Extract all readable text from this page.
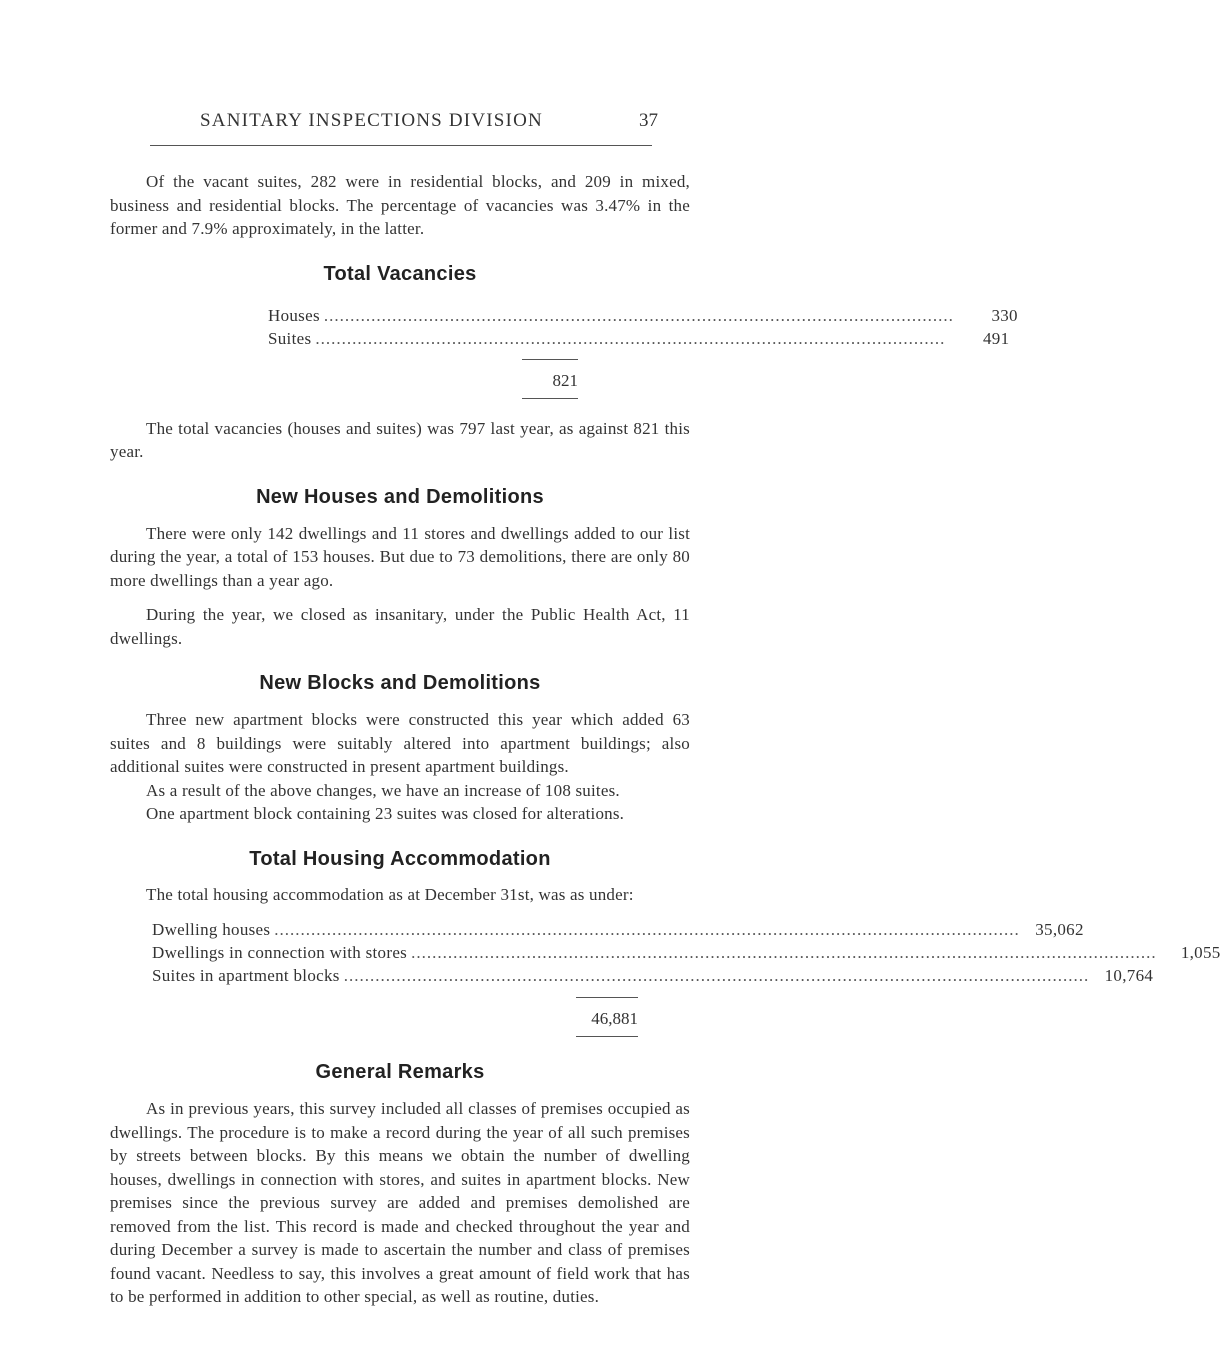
SANITARY INSPECTIONS DIVISION	37

Of the vacant suites, 282 were in residential blocks, and 209 in mixed, business and residential blocks. The percentage of vacancies was 3.47% in the former and 7.9% approximately, in the latter.

Total Vacancies
Houses ........................................................................................................................	330
Suites ........................................................................................................................	491
821

The total vacancies (houses and suites) was 797 last year, as against 821 this year.

New Houses and Demolitions

There were only 142 dwellings and 11 stores and dwellings added to our list during the year, a total of 153 houses. But due to 73 demolitions, there are only 80 more dwellings than a year ago.

During the year, we closed as insanitary, under the Public Health Act, 11 dwellings.

New Blocks and Demolitions

Three new apartment blocks were constructed this year which added 63 suites and 8 buildings were suitably altered into apartment buildings; also additional suites were constructed in present apartment buildings.

As a result of the above changes, we have an increase of 108 suites.

One apartment block containing 23 suites was closed for alterations.

Total Housing Accommodation

The total housing accommodation as at December 31st, was as under:

Dwelling houses .............................................................................................................................................. 35,062
Dwellings in connection with stores ..............................................................................................................................................	1,055
Suites in apartment blocks .............................................................................................................................................. 10,764
46,881
General Remarks

As in previous years, this survey included all classes of premises occupied as dwellings. The procedure is to make a record during the year of all such premises by streets between blocks. By this means we obtain the number of dwelling houses, dwellings in connection with stores, and suites in apartment blocks. New premises since the previous survey are added and premises demolished are removed from the list. This record is made and checked throughout the year and during December a survey is made to ascertain the number and class of premises found vacant. Needless to say, this involves a great amount of field work that has to be performed in addition to other special, as well as routine, duties.
